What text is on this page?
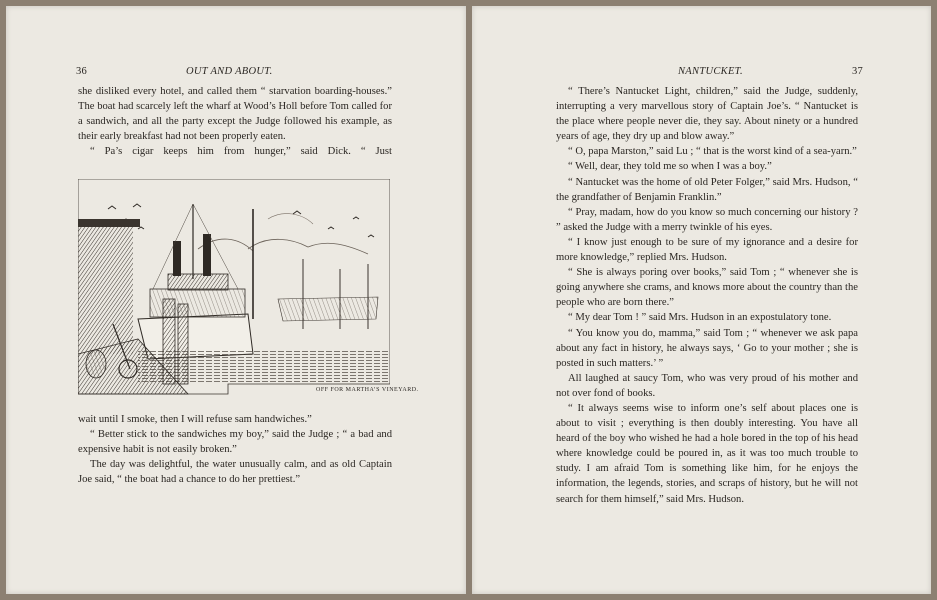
36	OUT AND ABOUT.

she disliked every hotel, and called them “ starvation boarding-houses.” The boat had scarcely left the wharf at Wood’s Holl before Tom called for a sandwich, and all the party except the Judge followed his example, as their early breakfast had not been properly eaten.

“ Pa’s cigar keeps him from hunger,” said Dick. “ Just

OFF FOR MARTHA’S VINEYARD.

wait until I smoke, then I will refuse sam handwiches.”

“ Better stick to the sandwiches my boy,” said the Judge ; “ a bad and expensive habit is not easily broken.”

The day was delightful, the water unusually calm, and as old Captain Joe said, “ the boat had a chance to do her prettiest.”

NANTUCKET.	37

“ There’s Nantucket Light, children,” said the Judge, suddenly, interrupting a very marvellous story of Captain Joe’s. “ Nantucket is the place where people never die, they say. About ninety or a hundred years of age, they dry up and blow away.”

“ O, papa Marston,” said Lu ; “ that is the worst kind of a sea-yarn.”

“ Well, dear, they told me so when I was a boy.”

“ Nantucket was the home of old Peter Folger,” said Mrs. Hudson, “ the grandfather of Benjamin Franklin.”

“ Pray, madam, how do you know so much concerning our history ? ” asked the Judge with a merry twinkle of his eyes.

“ I know just enough to be sure of my ignorance and a desire for more knowledge,” replied Mrs. Hudson.

“ She is always poring over books,” said Tom ; “ whenever she is going anywhere she crams, and knows more about the country than the people who are born there.”

“ My dear Tom ! ” said Mrs. Hudson in an expostulatory tone.

“ You know you do, mamma,” said Tom ; “ whenever we ask papa about any fact in history, he always says, ‘ Go to your mother ; she is posted in such matters.’ ”

All laughed at saucy Tom, who was very proud of his mother and not over fond of books.

“ It always seems wise to inform one’s self about places one is about to visit ; everything is then doubly interesting. You have all heard of the boy who wished he had a hole bored in the top of his head where knowledge could be poured in, as it was too much trouble to study. I am afraid Tom is something like him, for he enjoys the information, the legends, stories, and scraps of history, but he will not search for them himself,” said Mrs. Hudson.
